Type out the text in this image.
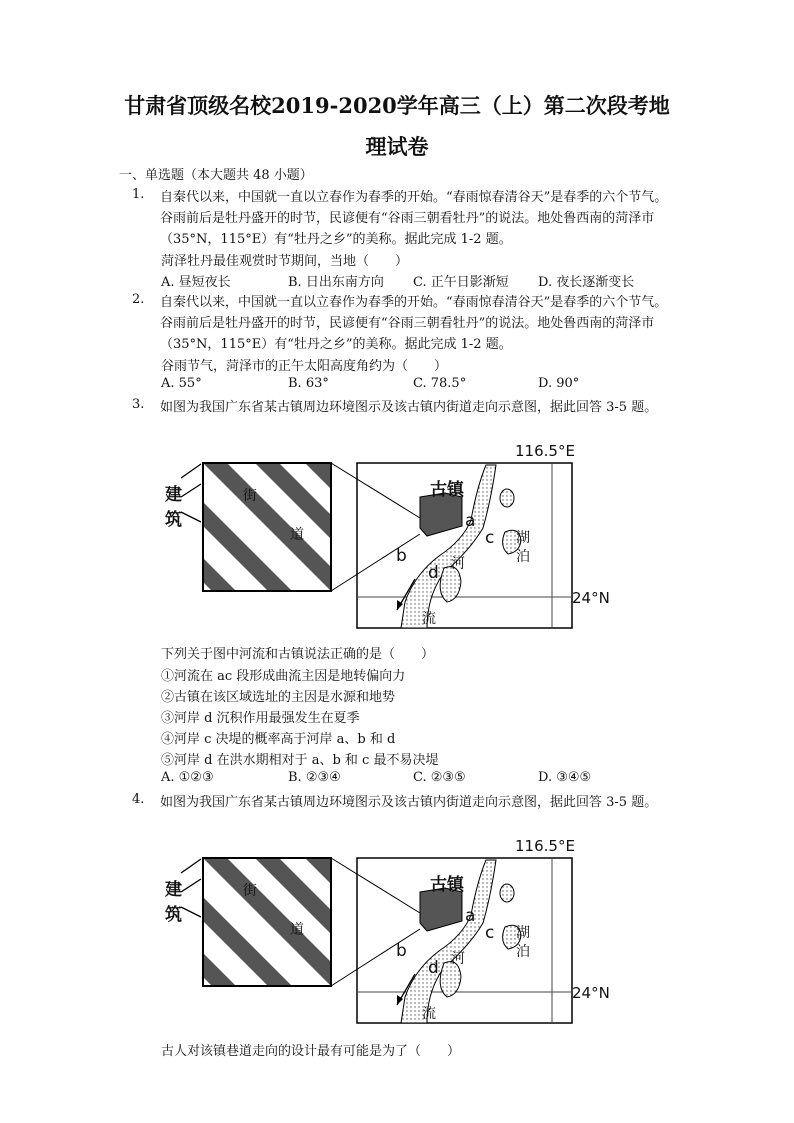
甘肃省顶级名校2019-2020学年高三（上）第二次段考地
理试卷
一、单选题（本大题共 48 小题）
1. 自秦代以来，中国就一直以立春作为春季的开始。“春雨惊春清谷天”是春季的六个节气。谷雨前后是牡丹盛开的时节，民谚便有“谷雨三朝看牡丹”的说法。地处鲁西南的菏泽市（35°N，115°E）有“牡丹之乡”的美称。据此完成 1-2 题。
菏泽牡丹最佳观赏时节期间，当地（　　）
A. 昼短夜长	B. 日出东南方向 C. 正午日影渐短 D. 夜长逐渐变长
2. 自秦代以来，中国就一直以立春作为春季的开始。“春雨惊春清谷天”是春季的六个节气。谷雨前后是牡丹盛开的时节，民谚便有“谷雨三朝看牡丹”的说法。地处鲁西南的菏泽市（35°N，115°E）有“牡丹之乡”的美称。据此完成 1-2 题。
谷雨节气，菏泽市的正午太阳高度角约为（　　）
A. 55°	B. 63°	C. 78.5°	D. 90°
3. 如图为我国广东省某古镇周边环境图示及该古镇内街道走向示意图，据此回答 3-5 题。
116.5°E
24°N
古镇
建
筑
街
道	湖
泊
河
流
a
b
c
d
下列关于图中河流和古镇说法正确的是（　　）
①河流在 ac 段形成曲流主因是地转偏向力
②古镇在该区域选址的主因是水源和地势
③河岸 d 沉积作用最强发生在夏季
④河岸 c 决堤的概率高于河岸 a、b 和 d
⑤河岸 d 在洪水期相对于 a、b 和 c 最不易决堤
A. ①②③	B. ②③④	C. ②③⑤	D. ③④⑤
4. 如图为我国广东省某古镇周边环境图示及该古镇内街道走向示意图，据此回答 3-5 题。
116.5°E
24°N
古镇
建
筑
街
道	湖
泊
河
流
a
b
c
d
古人对该镇巷道走向的设计最有可能是为了（　　）
